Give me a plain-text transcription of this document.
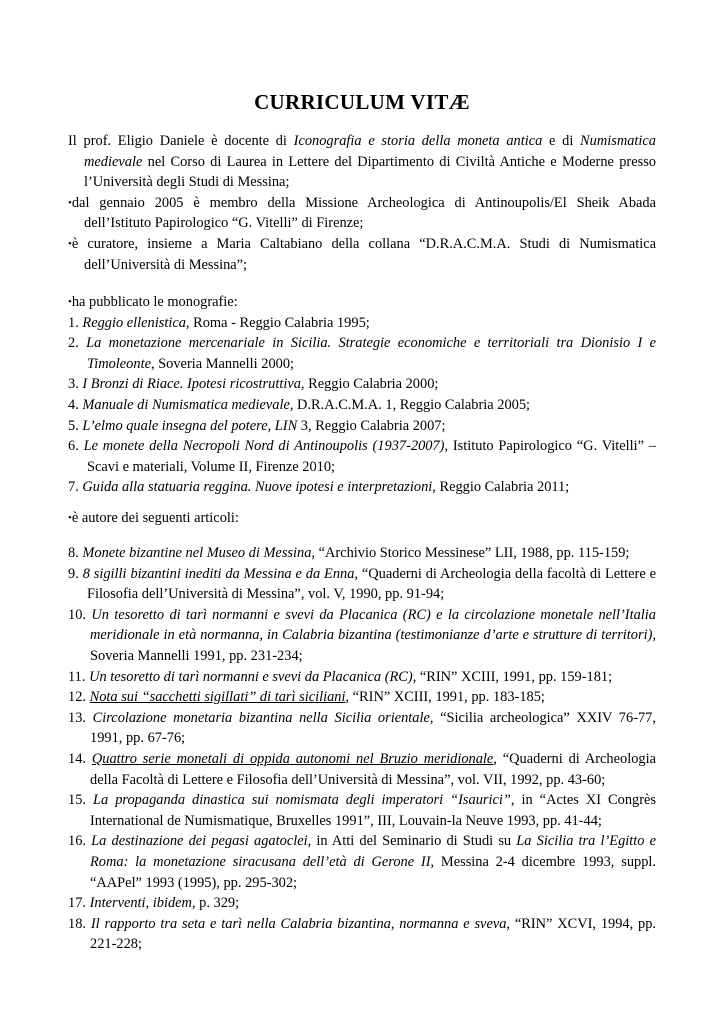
CURRICULUM VITÆ

Il prof. Eligio Daniele è docente di Iconografia e storia della moneta antica e di Numismatica medievale nel Corso di Laurea in Lettere del Dipartimento di Civiltà Antiche e Moderne presso l’Università degli Studi di Messina;

•dal gennaio 2005 è membro della Missione Archeologica di Antinoupolis/El Sheik Abada dell’Istituto Papirologico “G. Vitelli” di Firenze;

•è curatore, insieme a Maria Caltabiano della collana “D.R.A.C.M.A. Studi di Numismatica dell’Università di Messina”;

•ha pubblicato le monografie:

1. Reggio ellenistica, Roma - Reggio Calabria 1995;

2. La monetazione mercenariale in Sicilia. Strategie economiche e territoriali tra Dionisio I e Timoleonte, Soveria Mannelli 2000;

3. I Bronzi di Riace. Ipotesi ricostruttiva, Reggio Calabria 2000;

4. Manuale di Numismatica medievale, D.R.A.C.M.A. 1, Reggio Calabria 2005;

5. L’elmo quale insegna del potere, LIN 3, Reggio Calabria 2007;

6. Le monete della Necropoli Nord di Antinoupolis (1937-2007), Istituto Papirologico “G. Vitelli” – Scavi e materiali, Volume II, Firenze 2010;

7. Guida alla statuaria reggina. Nuove ipotesi e interpretazioni, Reggio Calabria 2011;

•è autore dei seguenti articoli:

8. Monete bizantine nel Museo di Messina, “Archivio Storico Messinese” LII, 1988, pp. 115-159;

9. 8 sigilli bizantini inediti da Messina e da Enna, “Quaderni di Archeologia della facoltà di Lettere e Filosofia dell’Università di Messina”, vol. V, 1990, pp. 91-94;

10. Un tesoretto di tarì normanni e svevi da Placanica (RC) e la circolazione monetale nell’Italia meridionale in età normanna, in Calabria bizantina (testimonianze d’arte e strutture di territori), Soveria Mannelli 1991, pp. 231-234;

11. Un tesoretto di tarì normanni e svevi da Placanica (RC), “RIN” XCIII, 1991, pp. 159-181;

12. Nota sui “sacchetti sigillati” di tarì siciliani, “RIN” XCIII, 1991, pp. 183-185;

13. Circolazione monetaria bizantina nella Sicilia orientale, “Sicilia archeologica” XXIV 76-77, 1991, pp. 67-76;

14. Quattro serie monetali di oppida autonomi nel Bruzio meridionale, “Quaderni di Archeologia della Facoltà di Lettere e Filosofia dell’Università di Messina”, vol. VII, 1992, pp. 43-60;

15. La propaganda dinastica sui nomismata degli imperatori “Isaurici”, in “Actes XI Congrès International de Numismatique, Bruxelles 1991”, III, Louvain-la Neuve 1993, pp. 41-44;

16. La destinazione dei pegasi agatoclei, in Atti del Seminario di Studi su La Sicilia tra l’Egitto e Roma: la monetazione siracusana dell’età di Gerone II, Messina 2-4 dicembre 1993, suppl. “AAPel” 1993 (1995), pp. 295-302;

17. Interventi, ibidem, p. 329;

18. Il rapporto tra seta e tarì nella Calabria bizantina, normanna e sveva, “RIN” XCVI, 1994, pp. 221-228;
